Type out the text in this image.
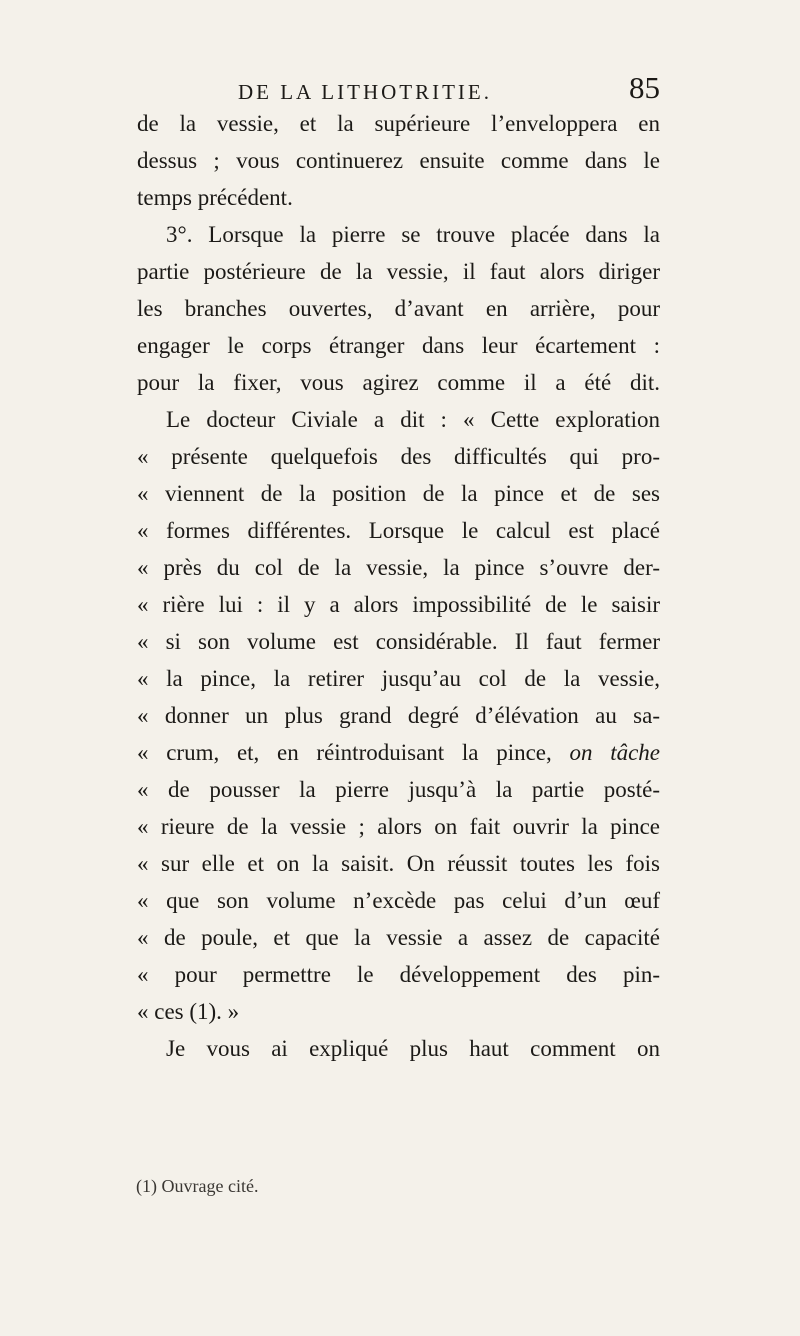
DE LA LITHOTRITIE.	85
de la vessie, et la supérieure l’enveloppera en
dessus ; vous continuerez ensuite comme dans le
temps précédent.
3°. Lorsque la pierre se trouve placée dans la
partie postérieure de la vessie, il faut alors diriger
les branches ouvertes, d’avant en arrière, pour
engager le corps étranger dans leur écartement :
pour la fixer, vous agirez comme il a été dit.
Le docteur Civiale a dit : « Cette exploration
« présente quelquefois des difficultés qui pro-
« viennent de la position de la pince et de ses
« formes différentes. Lorsque le calcul est placé
« près du col de la vessie, la pince s’ouvre der-
« rière lui : il y a alors impossibilité de le saisir
« si son volume est considérable. Il faut fermer
« la pince, la retirer jusqu’au col de la vessie,
« donner un plus grand degré d’élévation au sa-
« crum, et, en réintroduisant la pince, on tâche
« de pousser la pierre jusqu’à la partie posté-
« rieure de la vessie ; alors on fait ouvrir la pince
« sur elle et on la saisit. On réussit toutes les fois
« que son volume n’excède pas celui d’un œuf
« de poule, et que la vessie a assez de capacité
« pour permettre le développement des pin-
« ces (1). »
Je vous ai expliqué plus haut comment on
(1) Ouvrage cité.
